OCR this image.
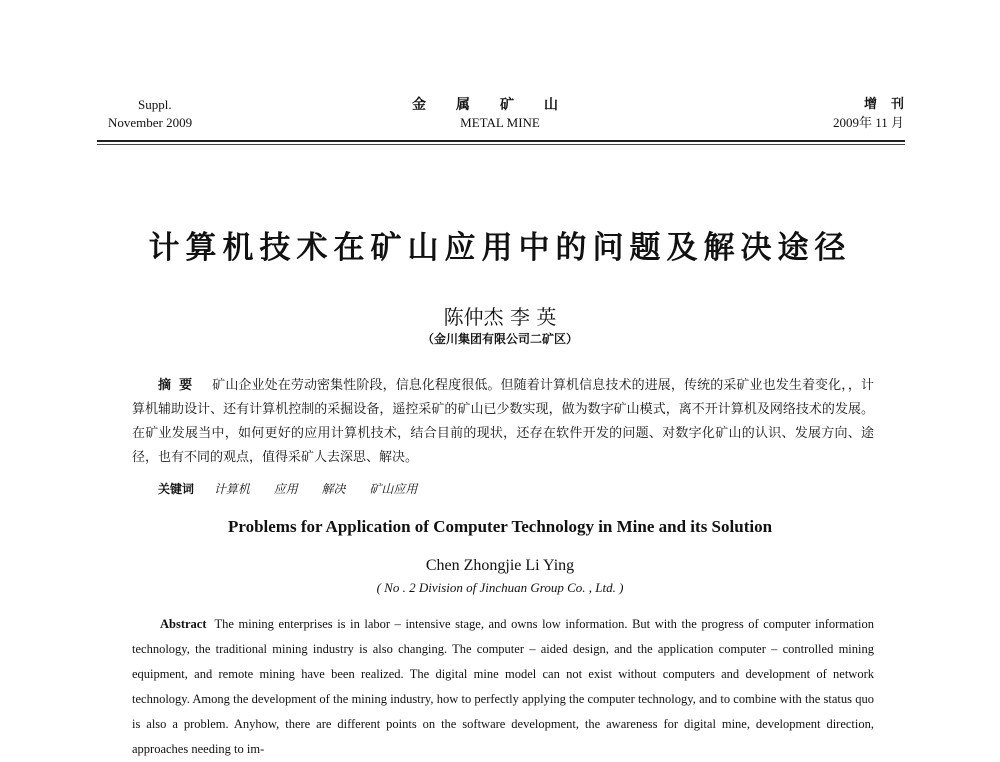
Suppl.
November 2009
金属矿山
METAL MINE
增刊
2009年 11 月
计算机技术在矿山应用中的问题及解决途径
陈仲杰 李 英
（金川集团有限公司二矿区）
摘要 矿山企业处在劳动密集性阶段，信息化程度很低。但随着计算机信息技术的进展，传统的采矿业也发生着变化，，计算机辅助设计、还有计算机控制的采掘设备，遥控采矿的矿山已少数实现，做为数字矿山模式，离不开计算机及网络技术的发展。在矿业发展当中，如何更好的应用计算机技术，结合目前的现状，还存在软件开发的问题、对数字化矿山的认识、发展方向、途径，也有不同的观点，值得采矿人去深思、解决。
关键词 计算机 应用 解决 矿山应用
Problems for Application of Computer Technology in Mine and its Solution
Chen Zhongjie Li Ying
( No . 2 Division of Jinchuan Group Co. , Ltd. )
Abstract The mining enterprises is in labor – intensive stage, and owns low information. But with the progress of computer information technology, the traditional mining industry is also changing. The computer – aided design, and the application computer – controlled mining equipment, and remote mining have been realized. The digital mine model can not exist without computers and development of network technology. Among the development of the mining industry, how to perfectly applying the computer technology, and to combine with the status quo is also a problem. Anyhow, there are different points on the software development, the awareness for digital mine, development direction, approaches needing to im-
